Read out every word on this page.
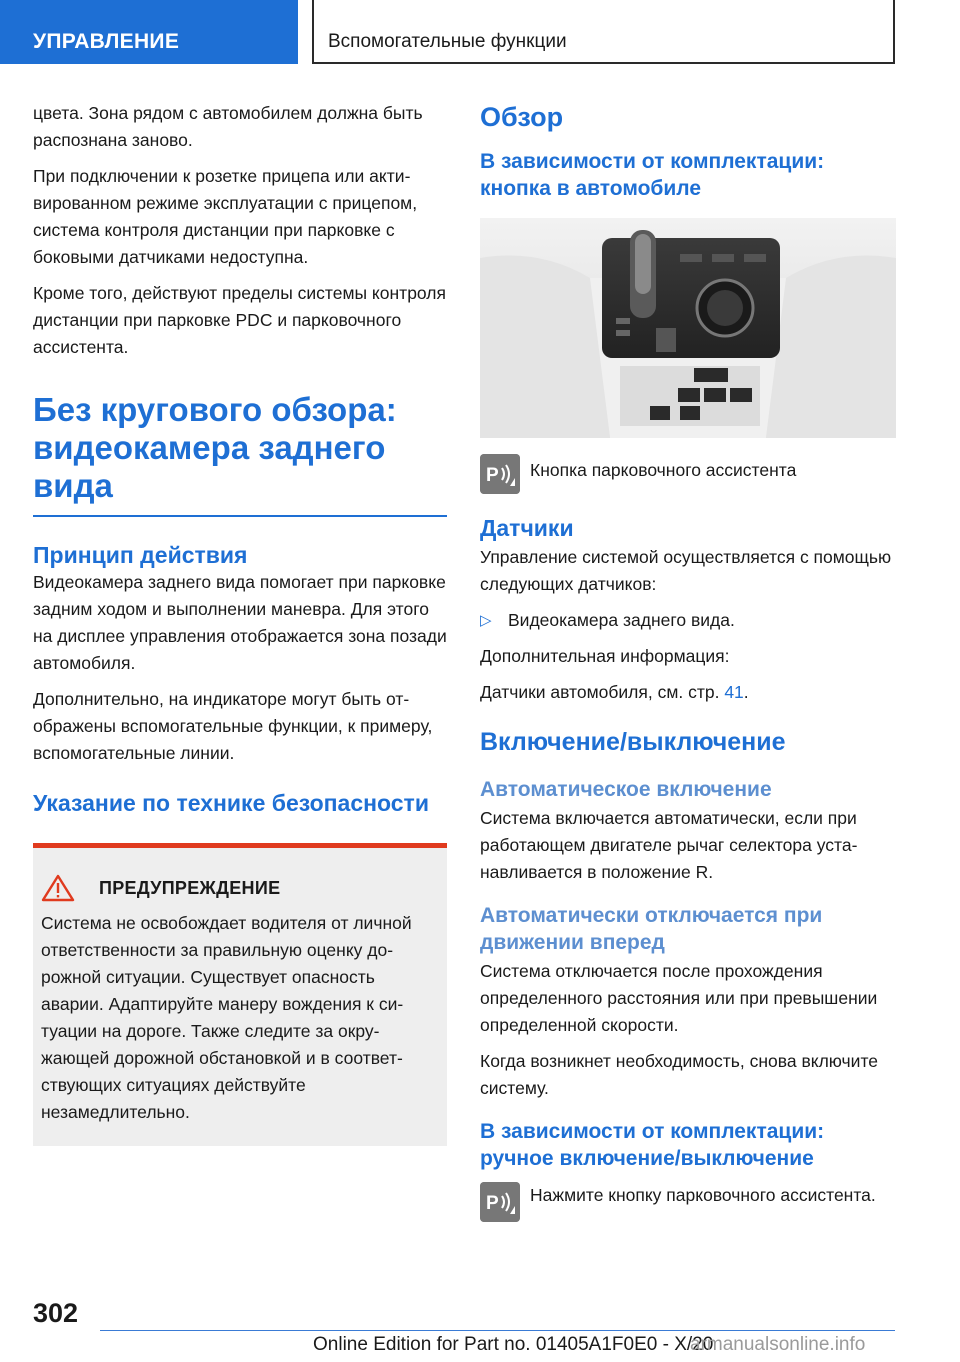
УПРАВЛЕНИЕ	Вспомогательные функции

цвета. Зона рядом с автомобилем должна быть распознана заново.

При подключении к розетке прицепа или активированном режиме эксплуатации с прицепом, система контроля дистанции при парковке с боковыми датчиками недоступна.

Кроме того, действуют пределы системы контроля дистанции при парковке PDC и парковочного ассистента.

Без кругового обзора: видеокамера заднего вида
Принцип действия

Видеокамера заднего вида помогает при парковке задним ходом и выполнении маневра. Для этого на дисплее управления отображается зона позади автомобиля.

Дополнительно, на индикаторе могут быть отображены вспомогательные функции, к примеру, вспомогательные линии.

Указание по технике безопасности
ПРЕДУПРЕЖДЕНИЕ

Система не освобождает водителя от личной ответственности за правильную оценку дорожной ситуации. Существует опасность аварии. Адаптируйте манеру вождения к ситуации на дороге. Также следите за окружающей дорожной обстановкой и в соответствующих ситуациях действуйте незамедлительно.

Обзор
В зависимости от комплектации: кнопка в автомобиле
P Кнопка парковочного ассистента

Датчики

Управление системой осуществляется с помощью следующих датчиков:

▷ Видеокамера заднего вида.

Дополнительная информация:

Датчики автомобиля, см. стр. 41.

Включение/выключение
Автоматическое включение

Система включается автоматически, если при работающем двигателе рычаг селектора устанавливается в положение R.

Автоматически отключается при движении вперед

Система отключается после прохождения определенного расстояния или при превышении определенной скорости.

Когда возникнет необходимость, снова включите систему.

В зависимости от комплектации: ручное включение/выключение
P Нажмите кнопку парковочного ассистента.

302
Online Edition for Part no. 01405A1F0E0 - X/20
armanualsonline.info
